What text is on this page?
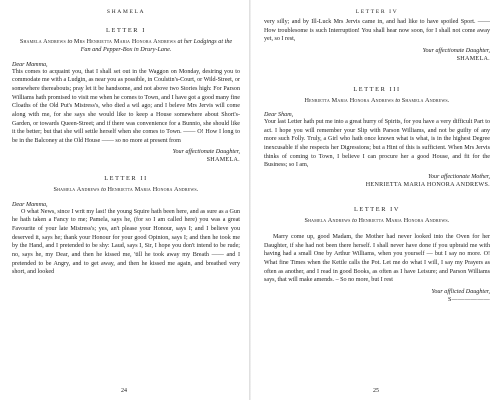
SHAMELA
LETTER I
Shamela Andrews to Mrs Henrietta Maria Honora Andrews at her Lodgings at the Fan and Pepper-Box in Drury-Lane.
Dear Mamma,

This comes to acquaint you, that I shall set out in the Waggon on Monday, desiring you to commodate me with a Ludgin, as near you as possible, in Coulstin's-Court, or Wild-Street, or somewhere thereabouts; pray let it be handsome, and not above two Stories high: For Parson Williams hath promised to visit me when he comes to Town, and I have got a good many fine Cloaths of the Old Put's Mistress's, who died a wil ago; and I beleve Mrs Jervis will come along with me, for she says she would like to keep a House somewhere about Short's-Garden, or towards Queen-Street; and if there was convenience for a Bunnio, she should like it the better; but that she will settle herself when she comes to Town. —— O! How I long to be in the Balconey at the Old House —— so no more at present from

Your affectionate Daughter,
SHAMELA.
LETTER II
Shamela Andrews to Henrietta Maria Honora Andrews.
Dear Mamma,

O what News, since I writ my last! the young Squire hath been here, and as sure as a Gun he hath taken a Fancy to me; Pamela, says he, (for so I am called here) you was a great Favourite of your late Mistress's; yes, an't please your Honour, says I; and I believe you deserved it, says he; thank your Honour for your good Opinion, says I; and then he took me by the Hand, and I pretended to be shy: Laud, says I, Sir, I hope you don't intend to be rude; no, says he, my Dear, and then he kissed me, 'till he took away my Breath —— and I pretended to be Angry, and to get away, and then he kissed me again, and breathed very short, and looked

24
LETTER IV

very silly; and by Ill-Luck Mrs Jervis came in, and had like to have spoiled Sport. —— How troublesome is such Interruption! You shall hear now soon, for I shall not come away yet, so I rest,

Your affectionate Daughter,
SHAMELA.
LETTER III
Henrietta Maria Honora Andrews to Shamela Andrews.
Dear Sham,

Your last Letter hath put me into a great hurry of Spirits, for you have a very difficult Part to act. I hope you will remember your Slip with Parson Williams, and not be guilty of any more such Folly. Truly, a Girl who hath once known what is what, is in the highest Degree inexcusable if she respects her Digressions; but a Hint of this is sufficient. When Mrs Jervis thinks of coming to Town, I believe I can procure her a good House, and fit for the Business; so I am,

Your affectionate Mother,
HENRIETTA MARIA HONORA ANDREWS.
LETTER IV
Shamela Andrews to Henrietta Maria Honora Andrews.

Marry come up, good Madam, the Mother had never looked into the Oven for her Daughter, if she had not been there herself. I shall never have done if you upbraid me with having had a small One by Arthur Williams, when you yourself — but I say no more. O! What fine Times when the Kettle calls the Pot. Let me do what I will, I say my Prayers as often as another, and I read in good Books, as often as I have Leisure; and Parson Williams says, that will make amends. – So no more, but I rest

Your afflicted Daughter,
S——————
25
